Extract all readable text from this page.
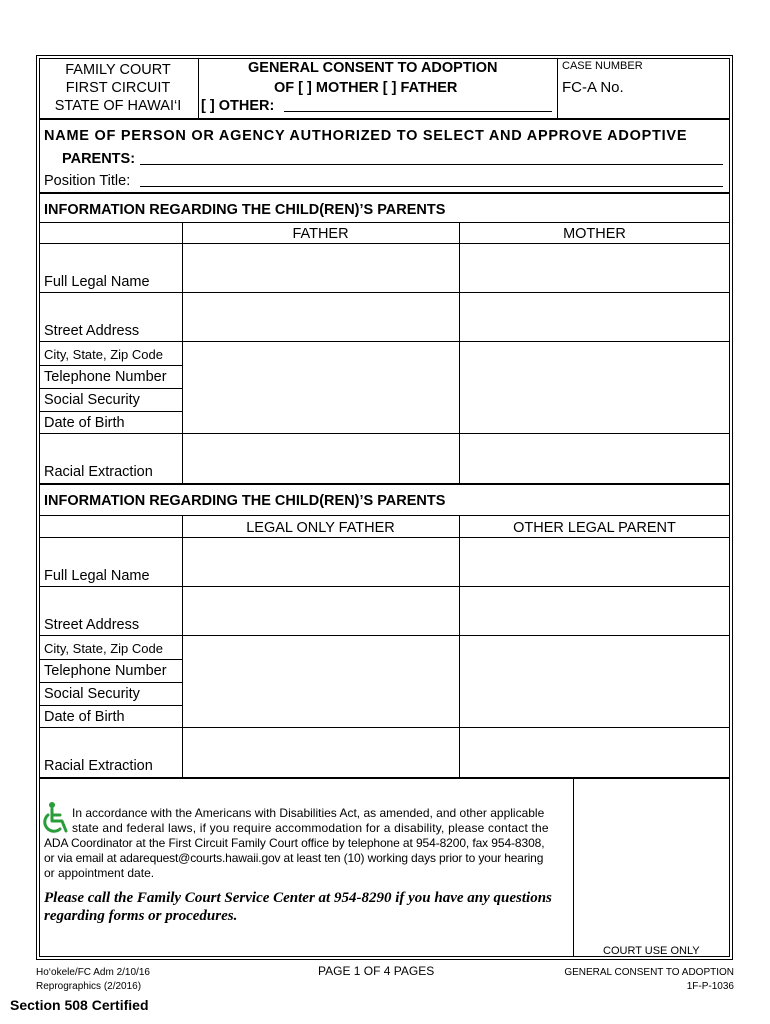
FAMILY COURT
FIRST CIRCUIT
STATE OF HAWAI‘I
GENERAL CONSENT TO ADOPTION
OF [ ] MOTHER [ ] FATHER
[ ] OTHER:
CASE NUMBER
FC-A No.
NAME OF PERSON OR AGENCY AUTHORIZED TO SELECT AND APPROVE ADOPTIVE
PARENTS:
Position Title:
INFORMATION REGARDING THE CHILD(REN)’S PARENTS
FATHER	MOTHER
Full Legal Name
Street Address
City, State, Zip Code
Telephone Number
Social Security
Date of Birth
Racial Extraction
INFORMATION REGARDING THE CHILD(REN)’S PARENTS
LEGAL ONLY FATHER	OTHER LEGAL PARENT
Full Legal Name
Street Address
City, State, Zip Code
Telephone Number
Social Security
Date of Birth
Racial Extraction
In accordance with the Americans with Disabilities Act, as amended, and other applicable
state and federal laws, if you require accommodation for a disability, please contact the
ADA Coordinator at the First Circuit Family Court office by telephone at 954-8200, fax 954-8308,
or via email at adarequest@courts.hawaii.gov at least ten (10) working days prior to your hearing
or appointment date.
Please call the Family Court Service Center at 954-8290 if you have any questions
regarding forms or procedures.
COURT USE ONLY
Ho‘okele/FC Adm 2/10/16
Reprographics (2/2016)
PAGE 1 OF 4 PAGES	GENERAL CONSENT TO ADOPTION
1F-P-1036
Section 508 Certified
